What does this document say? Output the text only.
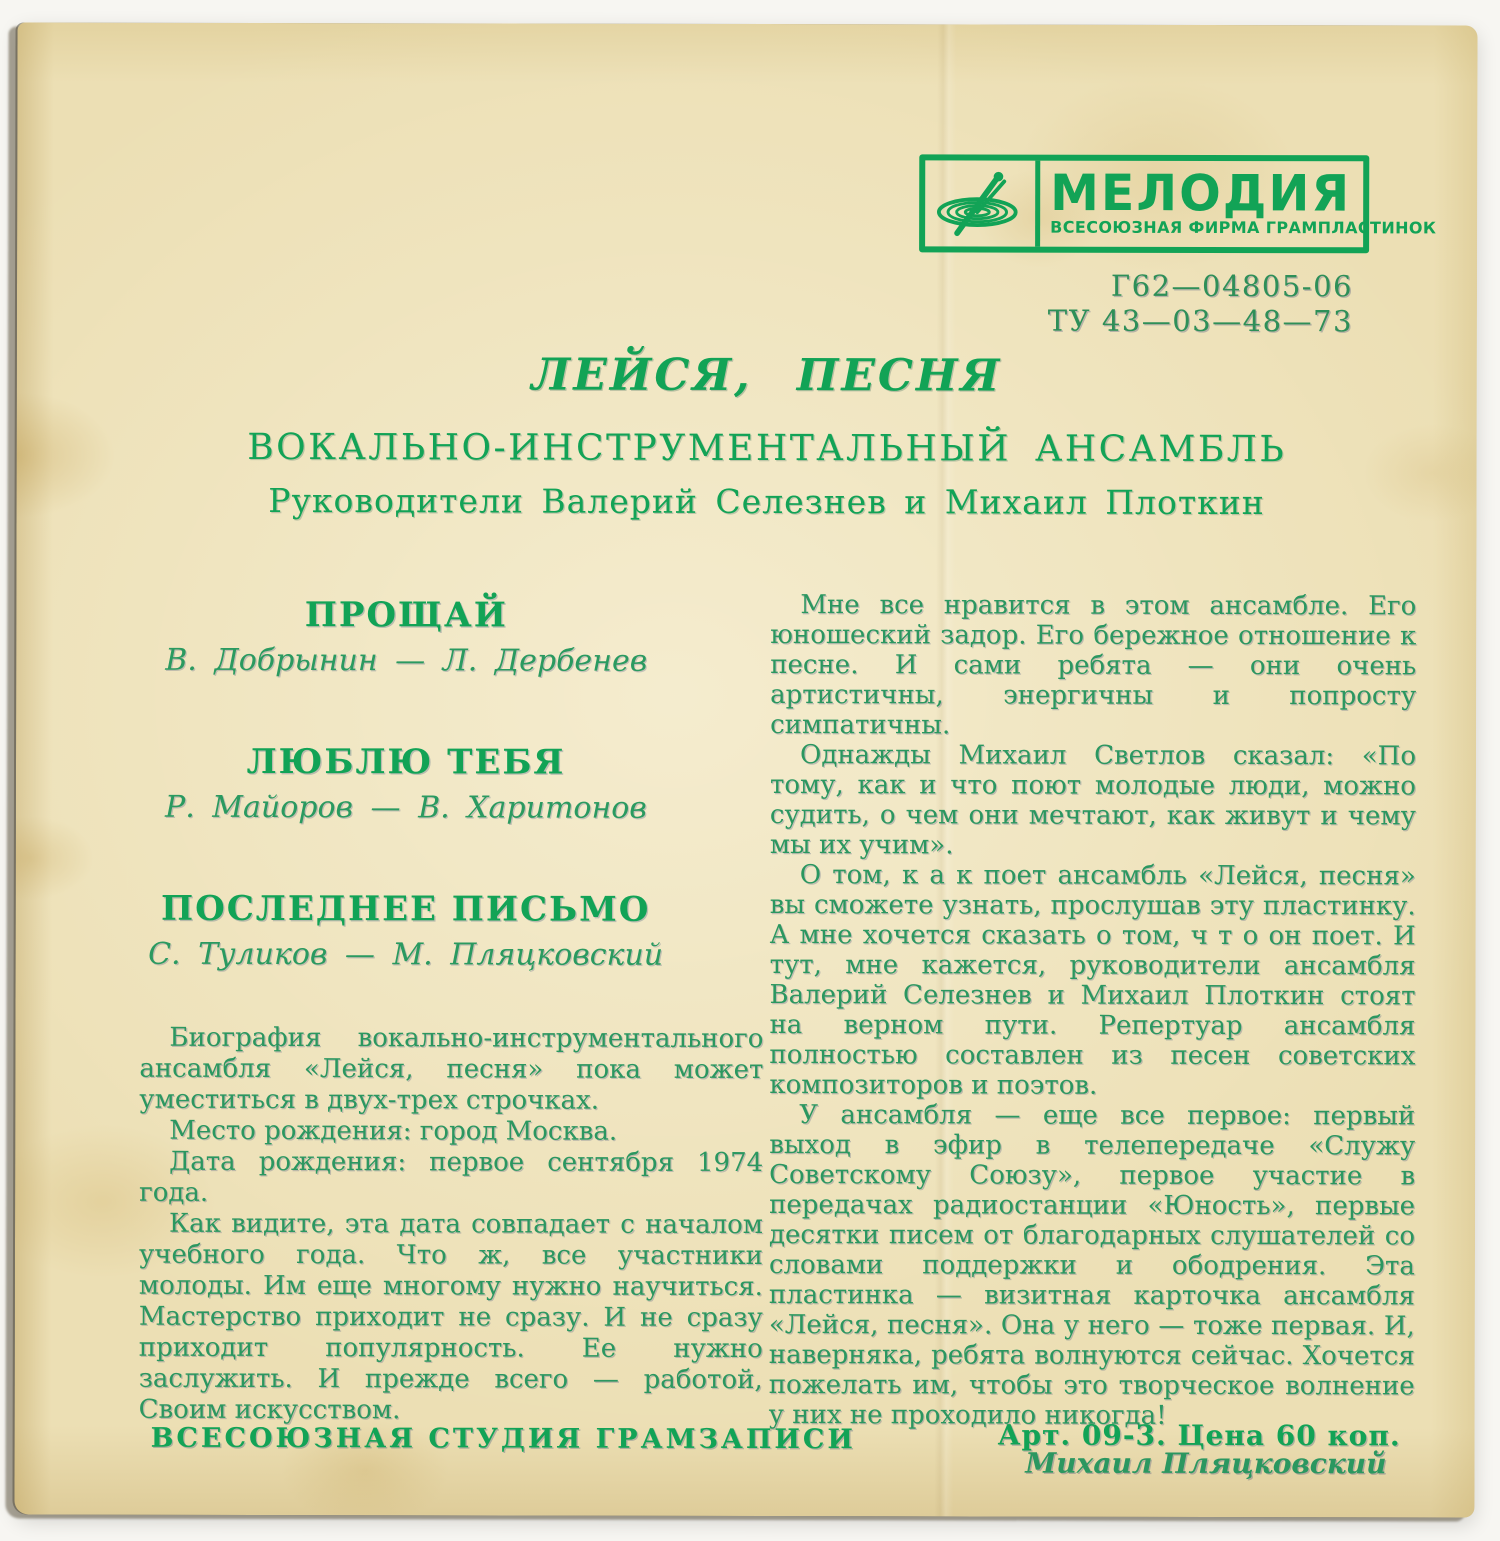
МЕЛОДИЯ
ВСЕСОЮЗНАЯ ФИРМА ГРАМПЛАСТИНОК
Г62—04805-06
ТУ 43—03—48—73
ЛЕЙСЯ, ПЕСНЯ
ВОКАЛЬНО-ИНСТРУМЕНТАЛЬНЫЙ АНСАМБЛЬ
Руководители Валерий Селезнев и Михаил Плоткин
ПРОЩАЙ
В. Добрынин — Л. Дербенев
ЛЮБЛЮ ТЕБЯ
Р. Майоров — В. Харитонов
ПОСЛЕДНЕЕ ПИСЬМО
С. Туликов — М. Пляцковский

Биография вокально-инструментального ансамбля «Лейся, песня» пока может уместиться в двух-трех строчках.

Место рождения: город Москва.

Дата рождения: первое сентября 1974 года.

Как видите, эта дата совпадает с началом учебного года. Что ж, все участники молоды. Им еще многому нужно научиться. Мастерство приходит не сразу. И не сразу приходит популярность. Ее нужно заслужить. И прежде всего — работой, Своим искусством.

Мне все нравится в этом ансамбле. Его юношеский задор. Его бережное отношение к песне. И сами ребята — они очень артистичны, энергичны и попросту симпатичны.

Однажды Михаил Светлов сказал: «По тому, как и что поют молодые люди, можно судить, о чем они мечтают, как живут и чему мы их учим».

О том, к а к поет ансамбль «Лейся, песня» вы сможете узнать, прослушав эту пластинку. А мне хочется сказать о том, ч т о он поет. И тут, мне кажется, руководители ансамбля Валерий Селезнев и Михаил Плоткин стоят на верном пути. Репертуар ансамбля полностью составлен из песен советских композиторов и поэтов.

У ансамбля — еще все первое: первый выход в эфир в телепередаче «Служу Советскому Союзу», первое участие в передачах радиостанции «Юность», первые десятки писем от благодарных слушателей со словами поддержки и ободрения. Эта пластинка — визитная карточка ансамбля «Лейся, песня». Она у него — тоже первая. И, наверняка, ребята волнуются сейчас. Хочется пожелать им, чтобы это творческое волнение у них не проходило никогда!

Михаил Пляцковский
ВСЕСОЮЗНАЯ СТУДИЯ ГРАМЗАПИСИ	Арт. 09-3. Цена 60 коп.
